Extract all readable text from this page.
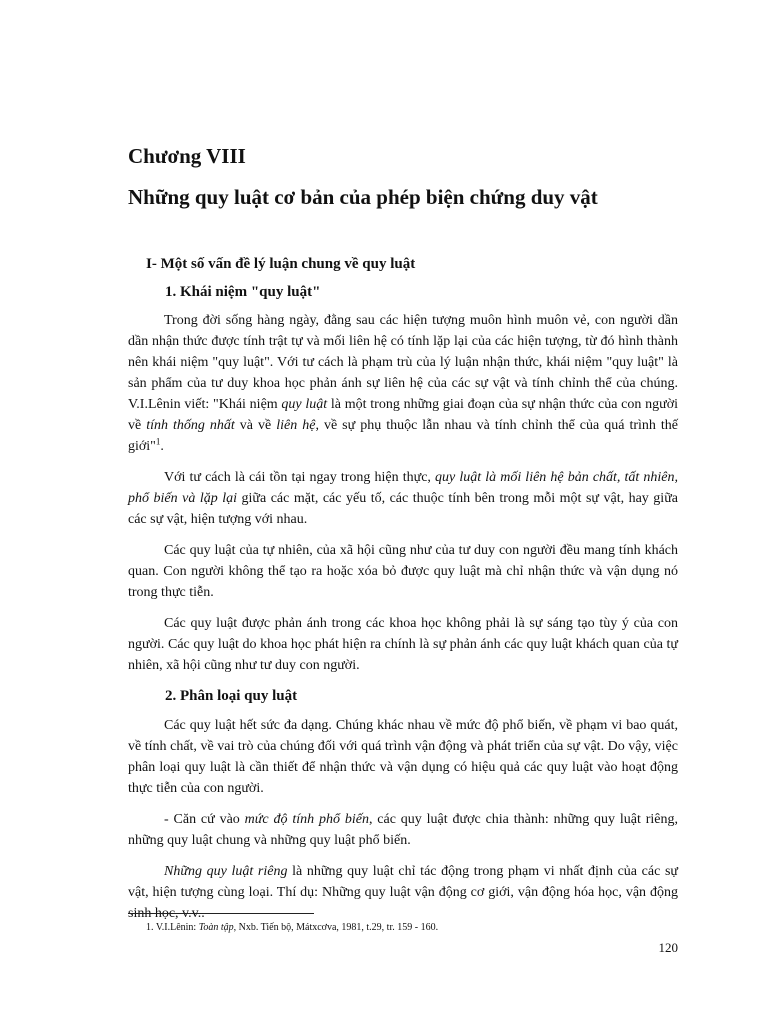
Chương VIII
Những quy luật cơ bản của phép biện chứng duy vật
I- Một số vấn đề lý luận chung về quy luật
1. Khái niệm "quy luật"

Trong đời sống hàng ngày, đằng sau các hiện tượng muôn hình muôn vẻ, con người dần dần nhận thức được tính trật tự và mối liên hệ có tính lặp lại của các hiện tượng, từ đó hình thành nên khái niệm "quy luật". Với tư cách là phạm trù của lý luận nhận thức, khái niệm "quy luật" là sản phẩm của tư duy khoa học phản ánh sự liên hệ của các sự vật và tính chỉnh thể của chúng. V.I.Lênin viết: "Khái niệm quy luật là một trong những giai đoạn của sự nhận thức của con người về tính thống nhất và về liên hệ, về sự phụ thuộc lẫn nhau và tính chỉnh thể của quá trình thế giới"$^1$.

Với tư cách là cái tồn tại ngay trong hiện thực, quy luật là mối liên hệ bản chất, tất nhiên, phổ biến và lặp lại giữa các mặt, các yếu tố, các thuộc tính bên trong mỗi một sự vật, hay giữa các sự vật, hiện tượng với nhau.

Các quy luật của tự nhiên, của xã hội cũng như của tư duy con người đều mang tính khách quan. Con người không thể tạo ra hoặc xóa bỏ được quy luật mà chỉ nhận thức và vận dụng nó trong thực tiễn.

Các quy luật được phản ánh trong các khoa học không phải là sự sáng tạo tùy ý của con người. Các quy luật do khoa học phát hiện ra chính là sự phản ánh các quy luật khách quan của tự nhiên, xã hội cũng như tư duy con người.

2. Phân loại quy luật

Các quy luật hết sức đa dạng. Chúng khác nhau về mức độ phổ biến, về phạm vi bao quát, về tính chất, về vai trò của chúng đối với quá trình vận động và phát triển của sự vật. Do vậy, việc phân loại quy luật là cần thiết để nhận thức và vận dụng có hiệu quả các quy luật vào hoạt động thực tiễn của con người.

- Căn cứ vào mức độ tính phổ biến, các quy luật được chia thành: những quy luật riêng, những quy luật chung và những quy luật phổ biến.

Những quy luật riêng là những quy luật chỉ tác động trong phạm vi nhất định của các sự vật, hiện tượng cùng loại. Thí dụ: Những quy luật vận động cơ giới, vận động hóa học, vận động sinh học, v.v..

1. V.I.Lênin: Toàn tập, Nxb. Tiến bộ, Mátxcơva, 1981, t.29, tr. 159 - 160.
120
